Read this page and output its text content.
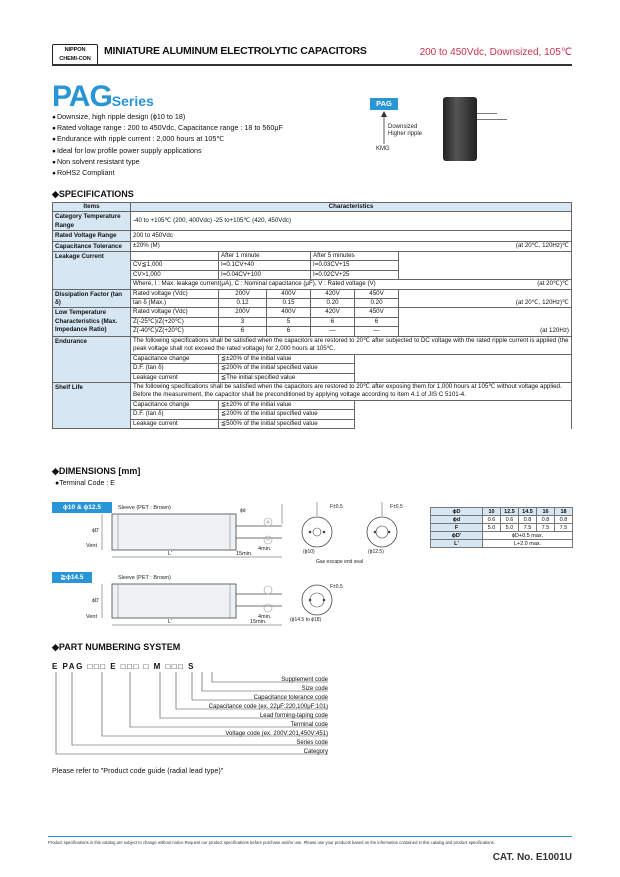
NIPPON
CHEMI-CON
MINIATURE ALUMINUM ELECTROLYTIC CAPACITORS	200 to 450Vdc, Downsized, 105℃
PAGSeries
● Downsize, high ripple design (ϕ10 to 18)
● Rated voltage range : 200 to 450Vdc, Capacitance range : 18 to 560μF
● Endurance with ripple current : 2,000 hours at 105℃
● Ideal for low profile power supply applications
● Non solvent resistant type
● RoHS2 Compliant
PAG
Downsized
Higher ripple
KMG
◆SPECIFICATIONS
Items	Characteristics					
Category Temperature Range	-40 to +105℃ (200, 400Vdc) -25 to+105℃ (420, 450Vdc)					
Rated Voltage Range	200 to 450Vdc					
Capacitance Tolerance	±20% (M) (at 20℃, 120Hz)℃					

Leakage Current		After 1 minute		After 5 minutes		
	CV≦1,000	I=0.1CV+40		I=0.03CV+15		
	CV>1,000	I=0.04CV+100		I=0.02CV+25		
	Where, I : Max. leakage current(μA), C : Nominal capacitance (μF), V : Rated voltage (V) (at 20℃)℃					

Dissipation Factor (tan δ)	Rated voltage (Vdc)	200V	400V	420V	450V	
	tan δ (Max.)	0.12	0.15	0.20	0.20	(at 20℃, 120Hz)℃
Low Temperature Characteristics (Max. Impedance Ratio)	Rated voltage (Vdc)	200V	400V	420V	450V	(at 120Hz)
	Z(-25℃)/Z(+20℃)	3	5	6	6	
	Z(-40℃)/Z(+20℃)	6	6	—	—	
Endurance	The following specifications shall be satisfied when the capacitors are restored to 20℃ after subjected to DC voltage with the rated ripple current is applied (the peak voltage shall not exceed the rated voltage) for 2,000 hours at 105℃.					
	Capacitance change	≦±20% of the initial value				
	D.F. (tan δ)	≦200% of the initial specified value				
	Leakage current	≦The initial specified value				
Shelf Life	The following specifications shall be satisfied when the capacitors are restored to 20℃ after exposing them for 1,000 hours at 105℃ without voltage applied. Before the measurement, the capacitor shall be preconditioned by applying voltage according to Item 4.1 of JIS C 5101-4.					
	Capacitance change	≦±20% of the initial value				
	D.F. (tan δ)	≦200% of the initial specified value				
	Leakage current	≦500% of the initial specified value				
◆DIMENSIONS [mm]
●Terminal Code : E
ϕ10 & ϕ12.5
≧ϕ14.5
Sleeve (PET : Brown)
Sleeve (PET : Brown)
Vent
Vent
L'
L'
15min.
15min.
4min.
4min.
ϕD'
ϕD'
ϕd
F±0.5	F±0.5
F±0.5
(ϕ10)	(ϕ12.5)
(ϕ14.5 to ϕ18)
Gas escape end seal
ϕD	10	12.5	14.5	16	18
ϕd	0.6	0.6	0.8	0.8	0.8
F	5.0	5.0	7.5	7.5	7.5
ϕD'	ϕD+0.5 max.				
L'	L+2.0 max.				
◆PART NUMBERING SYSTEM
E PAG □□□ E □□□ □ M □□□ S
Supplement code
Size code
Capacitance tolerance code
Capacitance code (ex. 22μF:220,100μF:101)
Lead forming-taping code
Terminal code
Voltage code (ex. 200V:201,450V:451)
Series code
Category
Please refer to "Product code guide (radial lead type)"
Product specifications in this catalog are subject to change without notice.Request our product specifications before purchase and/or use. Please use your products based on the information contained in this catalog and product specifications.
CAT. No. E1001U
